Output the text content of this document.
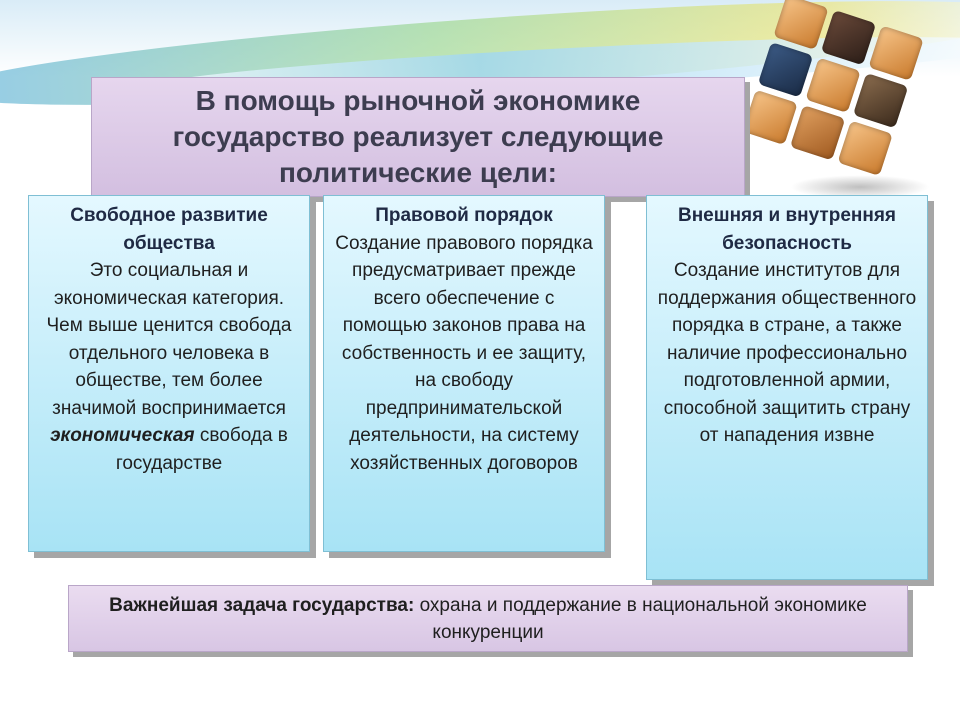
В помощь рыночной экономике государство реализует следующие политические цели:
Свободное развитие общества
Это социальная и экономическая категория. Чем выше ценится свобода отдельного человека в обществе, тем более значимой воспринимается экономическая свобода в государстве
Правовой порядок
Создание правового порядка предусматривает прежде всего обеспечение с помощью законов права на собственность и ее защиту, на свободу предпринимательской деятельности, на систему хозяйственных договоров
Внешняя и внутренняя безопасность
Создание институтов для поддержания общественного порядка в стране, а также наличие профессионально подготовленной армии, способной защитить страну от нападения извне
Важнейшая задача государства: охрана и поддержание в национальной экономике конкуренции
